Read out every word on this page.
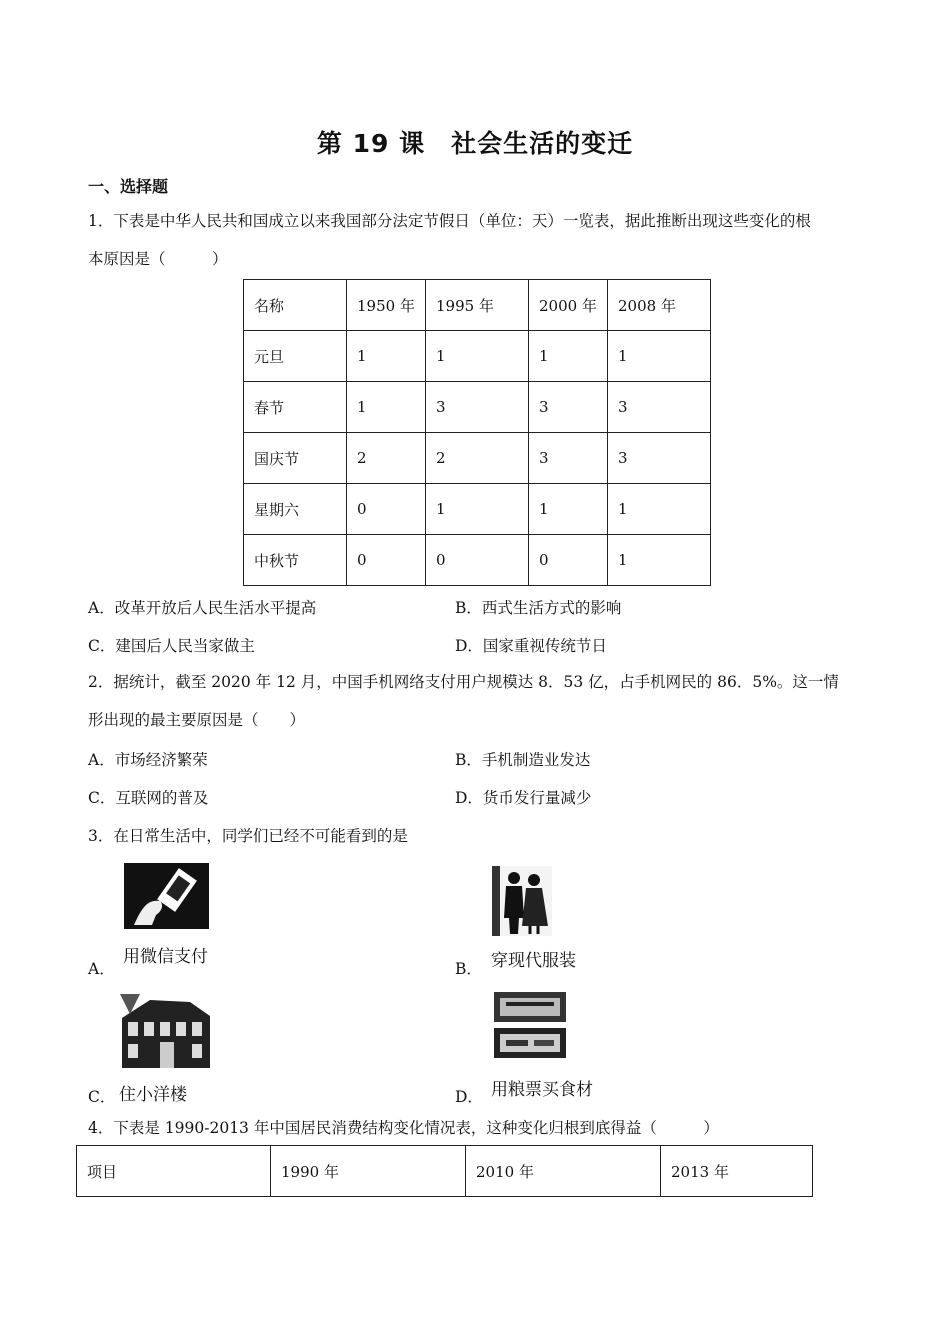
第 19 课　社会生活的变迁
一、选择题
1．下表是中华人民共和国成立以来我国部分法定节假日（单位：天）一览表，据此推断出现这些变化的根
本原因是（　　　）
名称	1950 年	1995 年	2000 年	2008 年
元旦	1	1	1	1
春节	1	3	3	3
国庆节	2	2	3	3
星期六	0	1	1	1
中秋节	0	0	0	1
A．改革开放后人民生活水平提高	B．西式生活方式的影响
C．建国后人民当家做主	D．国家重视传统节日
2．据统计，截至 2020 年 12 月，中国手机网络支付用户规模达 8．53 亿，占手机网民的 86．5%。这一情
形出现的最主要原因是（　　）
A．市场经济繁荣	B．手机制造业发达
C．互联网的普及	D．货币发行量减少
3．在日常生活中，同学们已经不可能看到的是
A．
用微信支付
B． 穿现代服装
C． 住小洋楼	D． 用粮票买食材
4．下表是 1990-2013 年中国居民消费结构变化情况表，这种变化归根到底得益（　　　）
项目	1990 年	2010 年	2013 年
